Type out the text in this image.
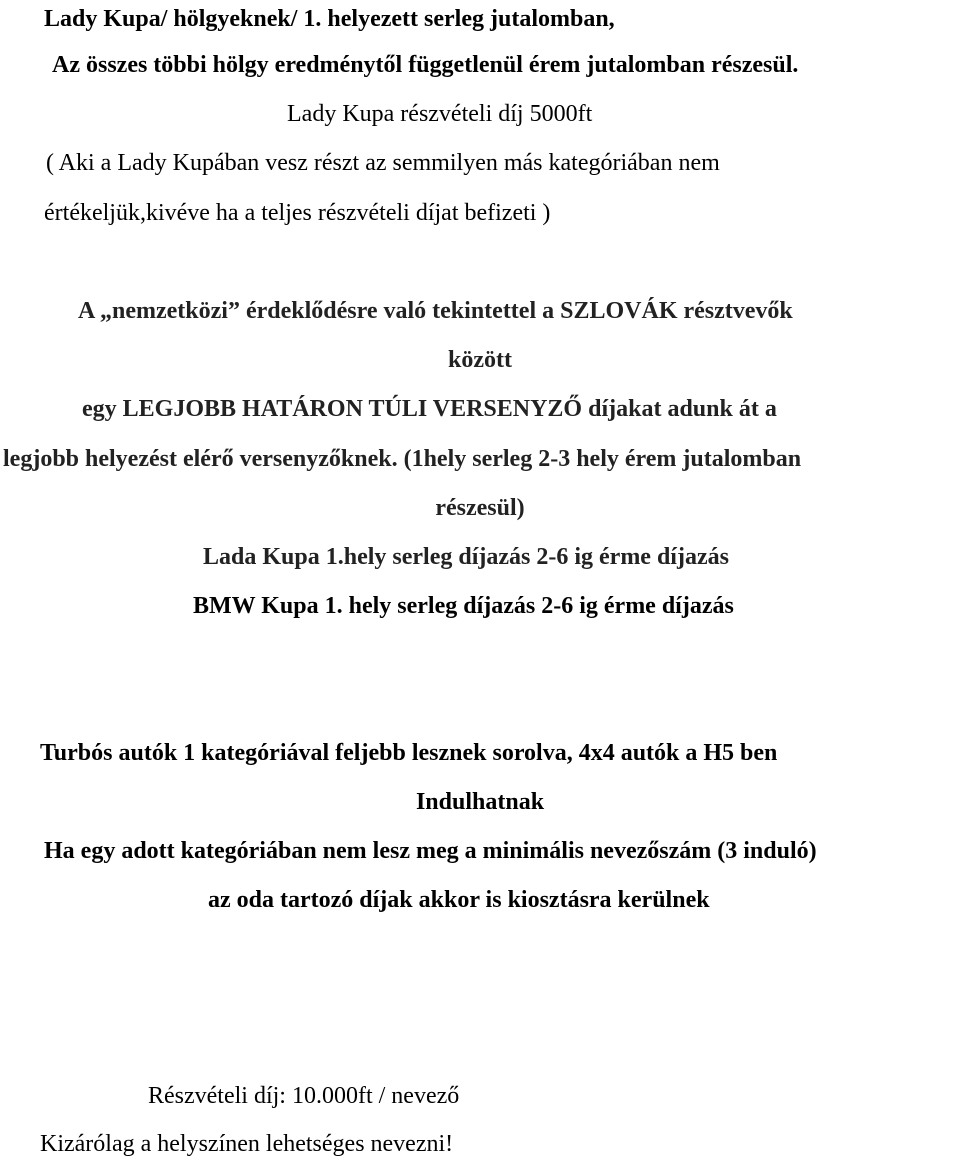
Lady Kupa/ hölgyeknek/ 1. helyezett serleg jutalomban,
Az összes többi hölgy eredménytől függetlenül érem jutalomban részesül.
Lady Kupa részvételi díj 5000ft
( Aki a Lady Kupában vesz részt az semmilyen más kategóriában nem
értékeljük,kivéve ha a teljes részvételi díjat befizeti )
A „nemzetközi” érdeklődésre való tekintettel a SZLOVÁK résztvevők
között
egy LEGJOBB HATÁRON TÚLI VERSENYZŐ díjakat adunk át a
legjobb helyezést elérő versenyzőknek. (1hely serleg 2-3 hely érem jutalomban
részesül)
Lada Kupa 1.hely serleg díjazás 2-6 ig érme díjazás
BMW Kupa 1. hely serleg díjazás 2-6 ig érme díjazás
Turbós autók 1 kategóriával feljebb lesznek sorolva, 4x4 autók a H5 ben
Indulhatnak
Ha egy adott kategóriában nem lesz meg a minimális nevezőszám (3 induló)
az oda tartozó díjak akkor is kiosztásra kerülnek
Részvételi díj: 10.000ft / nevező
Kizárólag a helyszínen lehetséges nevezni!
